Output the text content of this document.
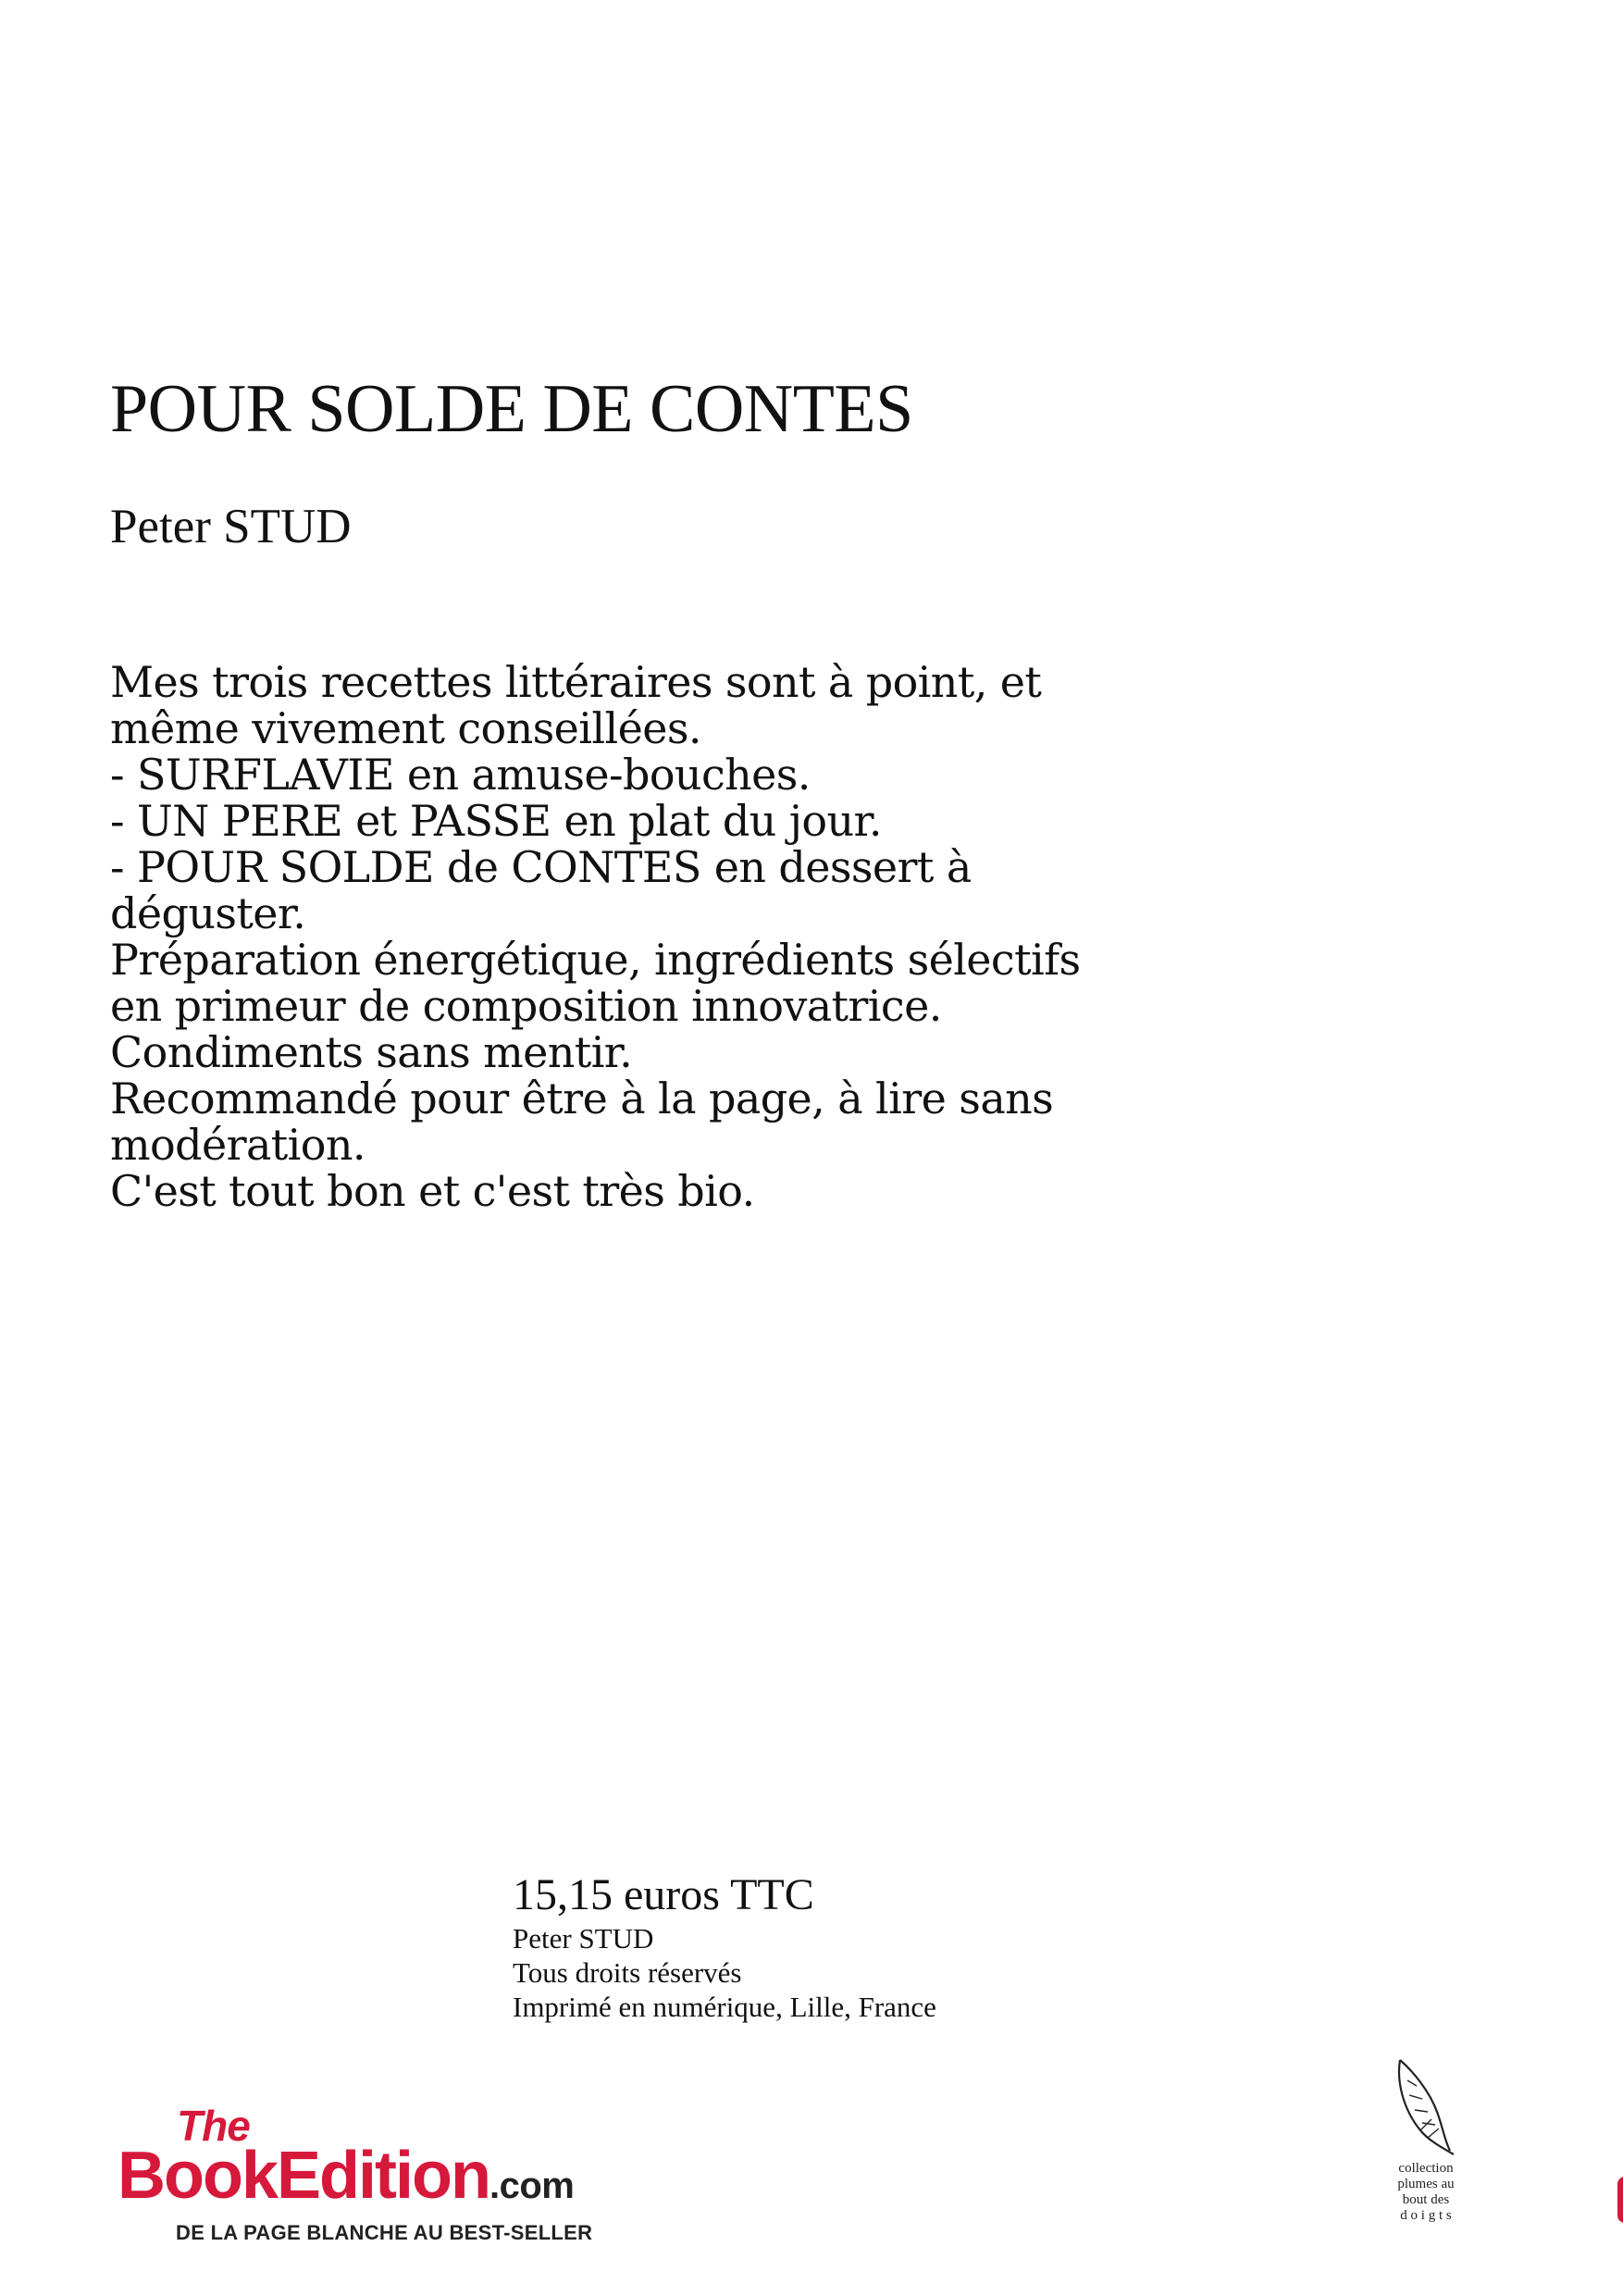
POUR SOLDE DE CONTES
Peter STUD
Mes trois recettes littéraires sont à point, et
même vivement conseillées.
- SURFLAVIE en amuse-bouches.
- UN PERE et PASSE en plat du jour.
- POUR SOLDE de CONTES en dessert à
déguster.
Préparation énergétique, ingrédients sélectifs
en primeur de composition innovatrice.
Condiments sans mentir.
Recommandé pour être à la page, à lire sans
modération.
C'est tout bon et c'est très bio.
15,15 euros TTC
Peter STUD
Tous droits réservés
Imprimé en numérique, Lille, France
The
BookEdition.com
DE LA PAGE BLANCHE AU BEST-SELLER
collection
plumes au
bout des
d o i g t s
